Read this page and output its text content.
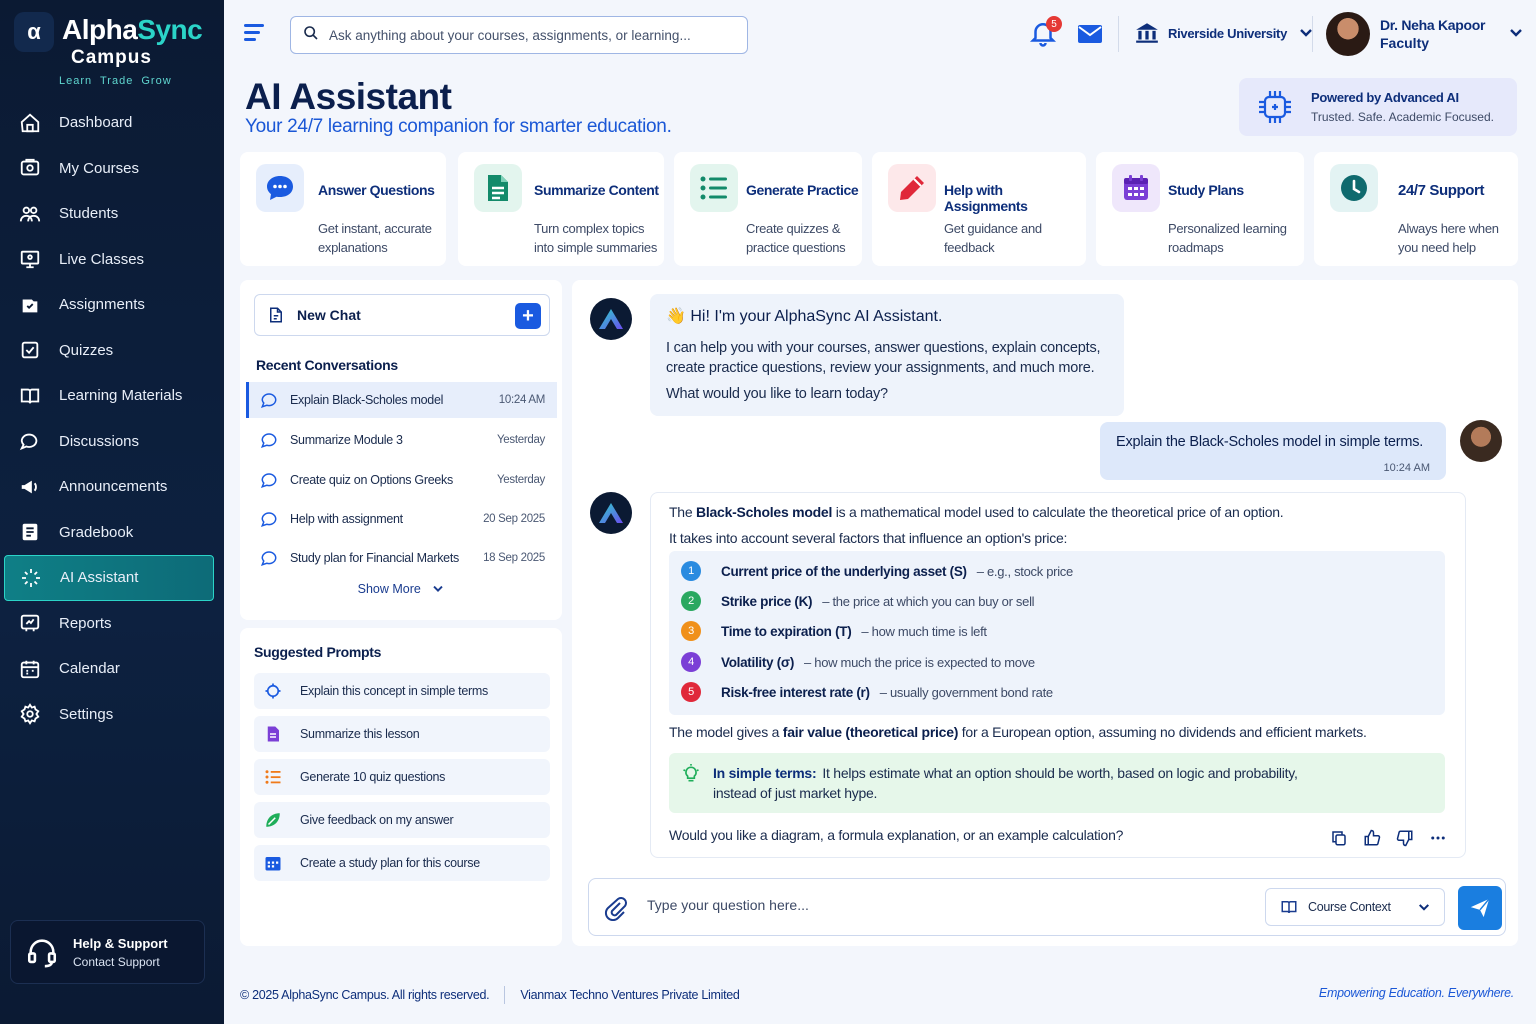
α AlphaSync
Campus
Learn Trade Grow
Dashboard
My Courses
Students
Live Classes
Assignments
Quizzes
Learning Materials
Discussions
Announcements
Gradebook
AI Assistant
Reports
Calendar
Settings
Help & Support
Contact Support
Ask anything about your courses, assignments, or learning...
5
Riverside University	Dr. Neha Kapoor
Faculty
AI Assistant
Your 24/7 learning companion for smarter education.
Powered by Advanced AI
Trusted. Safe. Academic Focused.
Answer Questions
Get instant, accurate
explanations
Summarize Content
Turn complex topics
into simple summaries
Generate Practice
Create quizzes &
practice questions
Help with Assignments
Get guidance and
feedback
Study Plans
Personalized learning
roadmaps
24/7 Support
Always here when
you need help
New Chat	+
Recent Conversations
Explain Black-Scholes model	10:24 AM
Summarize Module 3	Yesterday
Create quiz on Options Greeks	Yesterday
Help with assignment	20 Sep 2025
Study plan for Financial Markets 18 Sep 2025
Show More
Suggested Prompts
Explain this concept in simple terms
Summarize this lesson
Generate 10 quiz questions
Give feedback on my answer
Create a study plan for this course
👋 Hi! I'm your AlphaSync AI Assistant.

I can help you with your courses, answer questions, explain concepts,

create practice questions, review your assignments, and much more.

What would you like to learn today?

Explain the Black-Scholes model in simple terms.
10:24 AM
The Black-Scholes model is a mathematical model used to calculate the theoretical price of an option.
It takes into account several factors that influence an option's price:
1	Current price of the underlying asset (S) – e.g., stock price
2	Strike price (K) – the price at which you can buy or sell
3	Time to expiration (T) – how much time is left
4	Volatility (σ) – how much the price is expected to move
5	Risk-free interest rate (r) – usually government bond rate
The model gives a fair value (theoretical price) for a European option, assuming no dividends and efficient markets.
In simple terms: It helps estimate what an option should be worth, based on logic and probability,
instead of just market hype.
Would you like a diagram, a formula explanation, or an example calculation?
Type your question here...
Course Context
© 2025 AlphaSync Campus. All rights reserved. Vianmax Techno Ventures Private Limited	Empowering Education. Everywhere.
